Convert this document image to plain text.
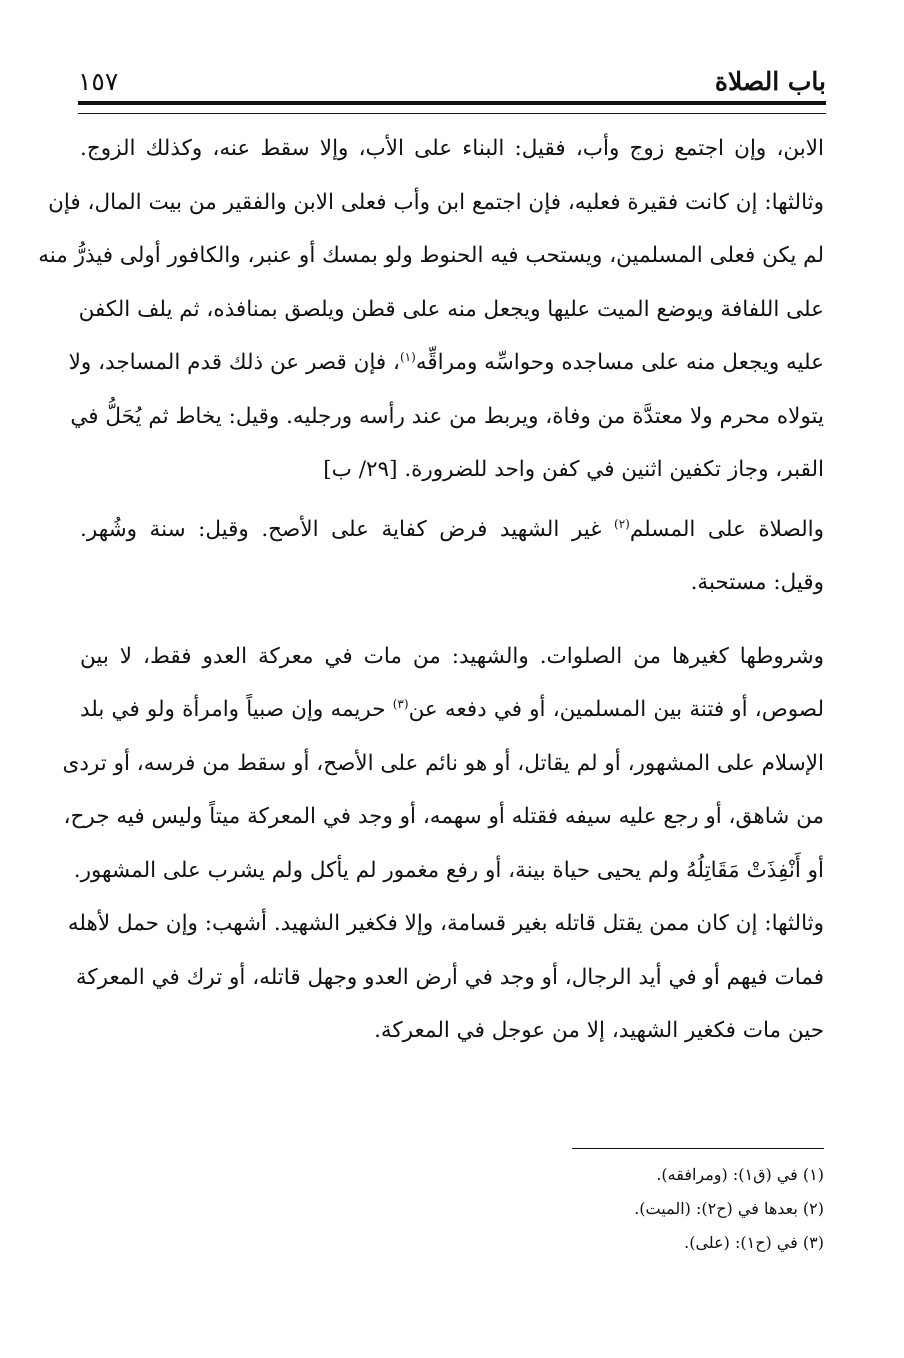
باب الصلاة
١٥٧

الابن، وإن اجتمع زوج وأب، فقيل: البناء على الأب، وإلا سقط عنه، وكذلك الزوج.
وثالثها: إن كانت فقيرة فعليه، فإن اجتمع ابن وأب فعلى الابن والفقير من بيت المال، فإن
لم يكن فعلى المسلمين، ويستحب فيه الحنوط ولو بمسك أو عنبر، والكافور أولى فيذرُّ منه
على اللفافة ويوضع الميت عليها ويجعل منه على قطن ويلصق بمنافذه، ثم يلف الكفن
عليه ويجعل منه على مساجده وحواسِّه ومراقِّه$^{(١)}$، فإن قصر عن ذلك قدم المساجد، ولا
يتولاه محرم ولا معتدَّة من وفاة، ويربط من عند رأسه ورجليه. وقيل: يخاط ثم يُحَلُّ في
القبر، وجاز تكفين اثنين في كفن واحد للضرورة. [٢٩/ ب]

والصلاة على المسلم$^{(٢)}$ غير الشهيد فرض كفاية على الأصح. وقيل: سنة وشُهر.
وقيل: مستحبة.

وشروطها كغيرها من الصلوات. والشهيد: من مات في معركة العدو فقط، لا بين
لصوص، أو فتنة بين المسلمين، أو في دفعه عن$^{(٣)}$ حريمه وإن صبياً وامرأة ولو في بلد
الإسلام على المشهور، أو لم يقاتل، أو هو نائم على الأصح، أو سقط من فرسه، أو تردى
من شاهق، أو رجع عليه سيفه فقتله أو سهمه، أو وجد في المعركة ميتاً وليس فيه جرح،
أو أَنْفِذَتْ مَقَاتِلُهُ ولم يحيى حياة بينة، أو رفع مغمور لم يأكل ولم يشرب على المشهور.
وثالثها: إن كان ممن يقتل قاتله بغير قسامة، وإلا فكغير الشهيد. أشهب: وإن حمل لأهله
فمات فيهم أو في أيد الرجال، أو وجد في أرض العدو وجهل قاتله، أو ترك في المعركة
حين مات فكغير الشهيد، إلا من عوجل في المعركة.

(١) في (ق١): (ومرافقه).
(٢) بعدها في (ح٢): (الميت).
(٣) في (ح١): (على).
